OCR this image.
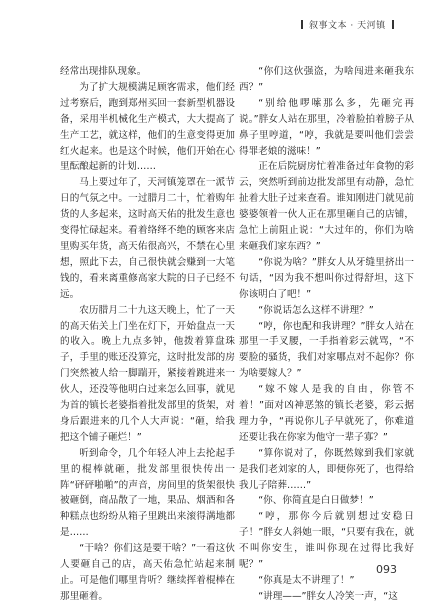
叙事文本 · 天河镇

经常出现排队现象。

为了扩大规模满足顾客需求，他们经过考察后，跑到郑州买回一套新型机器设备，采用半机械化生产模式，大大提高了生产工艺，就这样，他们的生意变得更加红火起来。也是这个时候，他们开始在心里酝酿起新的计划……

马上要过年了，天河镇笼罩在一派节日的气氛之中。一过腊月二十，忙着购年货的人多起来，这时高天佑的批发生意也变得忙碌起来。看着络绎不绝的顾客来店里购买年货，高天佑很高兴，不禁在心里想，照此下去，自己很快就会赚到一大笔钱的，看来离重修高家大院的日子已经不远。

农历腊月二十九这天晚上，忙了一天的高天佑关上门坐在灯下，开始盘点一天的收入。晚上九点多钟，他拨着算盘珠子，手里的账还没算完，这时批发部的房门突然被人给一脚踹开，紧接着跳进来一伙人，还没等他明白过来怎么回事，就见为首的镇长老婆指着批发部里的货架，对身后跟进来的几个人大声说：“砸，给我把这个铺子砸烂！”

听到命令，几个年轻人冲上去抡起手里的棍棒就砸，批发部里很快传出一阵“砰砰啪啪”的声音，房间里的货架很快被砸倒，商品散了一地，果品、烟酒和各种糕点也纷纷从箱子里跳出来滚得满地都是……

“干啥？你们这是要干啥？”一看这伙人要砸自己的店，高天佑急忙站起来制止。可是他们哪里肯听？继续挥着棍棒在那里砸着。

“你们这伙强盗，为啥闯进来砸我东西？”

“别给他啰嗦那么多，先砸完再说。”胖女人站在那里，冷着脸拍着膀子从鼻子里哼道，“哼，我就是要叫他们尝尝得罪老娘的滋味！”

正在后院厨房忙着准备过年食物的彩云，突然听到前边批发部里有动静，急忙扯着大肚子过来查看。谁知刚进门就见前婆婆领着一伙人正在那里砸自己的店铺，急忙上前阻止说：“大过年的，你们为啥来砸我们家东西？”

“你说为啥？”胖女人从牙缝里挤出一句话，“因为我不想叫你过得舒坦，这下你该明白了吧！”

“你说话怎么这样不讲理？”

“哼，你也配和我讲理？”胖女人站在那里一手叉腰，一手指着彩云就骂，“不要脸的骚货，我们对家哪点对不起你？你为啥要嫁人？”

“嫁不嫁人是我的自由，你管不着！”面对凶神恶煞的镇长老婆，彩云据理力争，“再说你儿子早就死了，你难道还要让我在你家为他守一辈子寡？”

“算你说对了，你既然嫁到我们家就是我们老刘家的人，即便你死了，也得给我儿子陪葬……”

“你、你简直是白日做梦！”

“哼，那你今后就别想过安稳日子！”胖女人斜她一眼，“只要有我在，就不叫你安生，谁叫你现在过得比我好呢？”

“你真是太不讲理了！”

“讲理——”胖女人冷笑一声，“这

093
